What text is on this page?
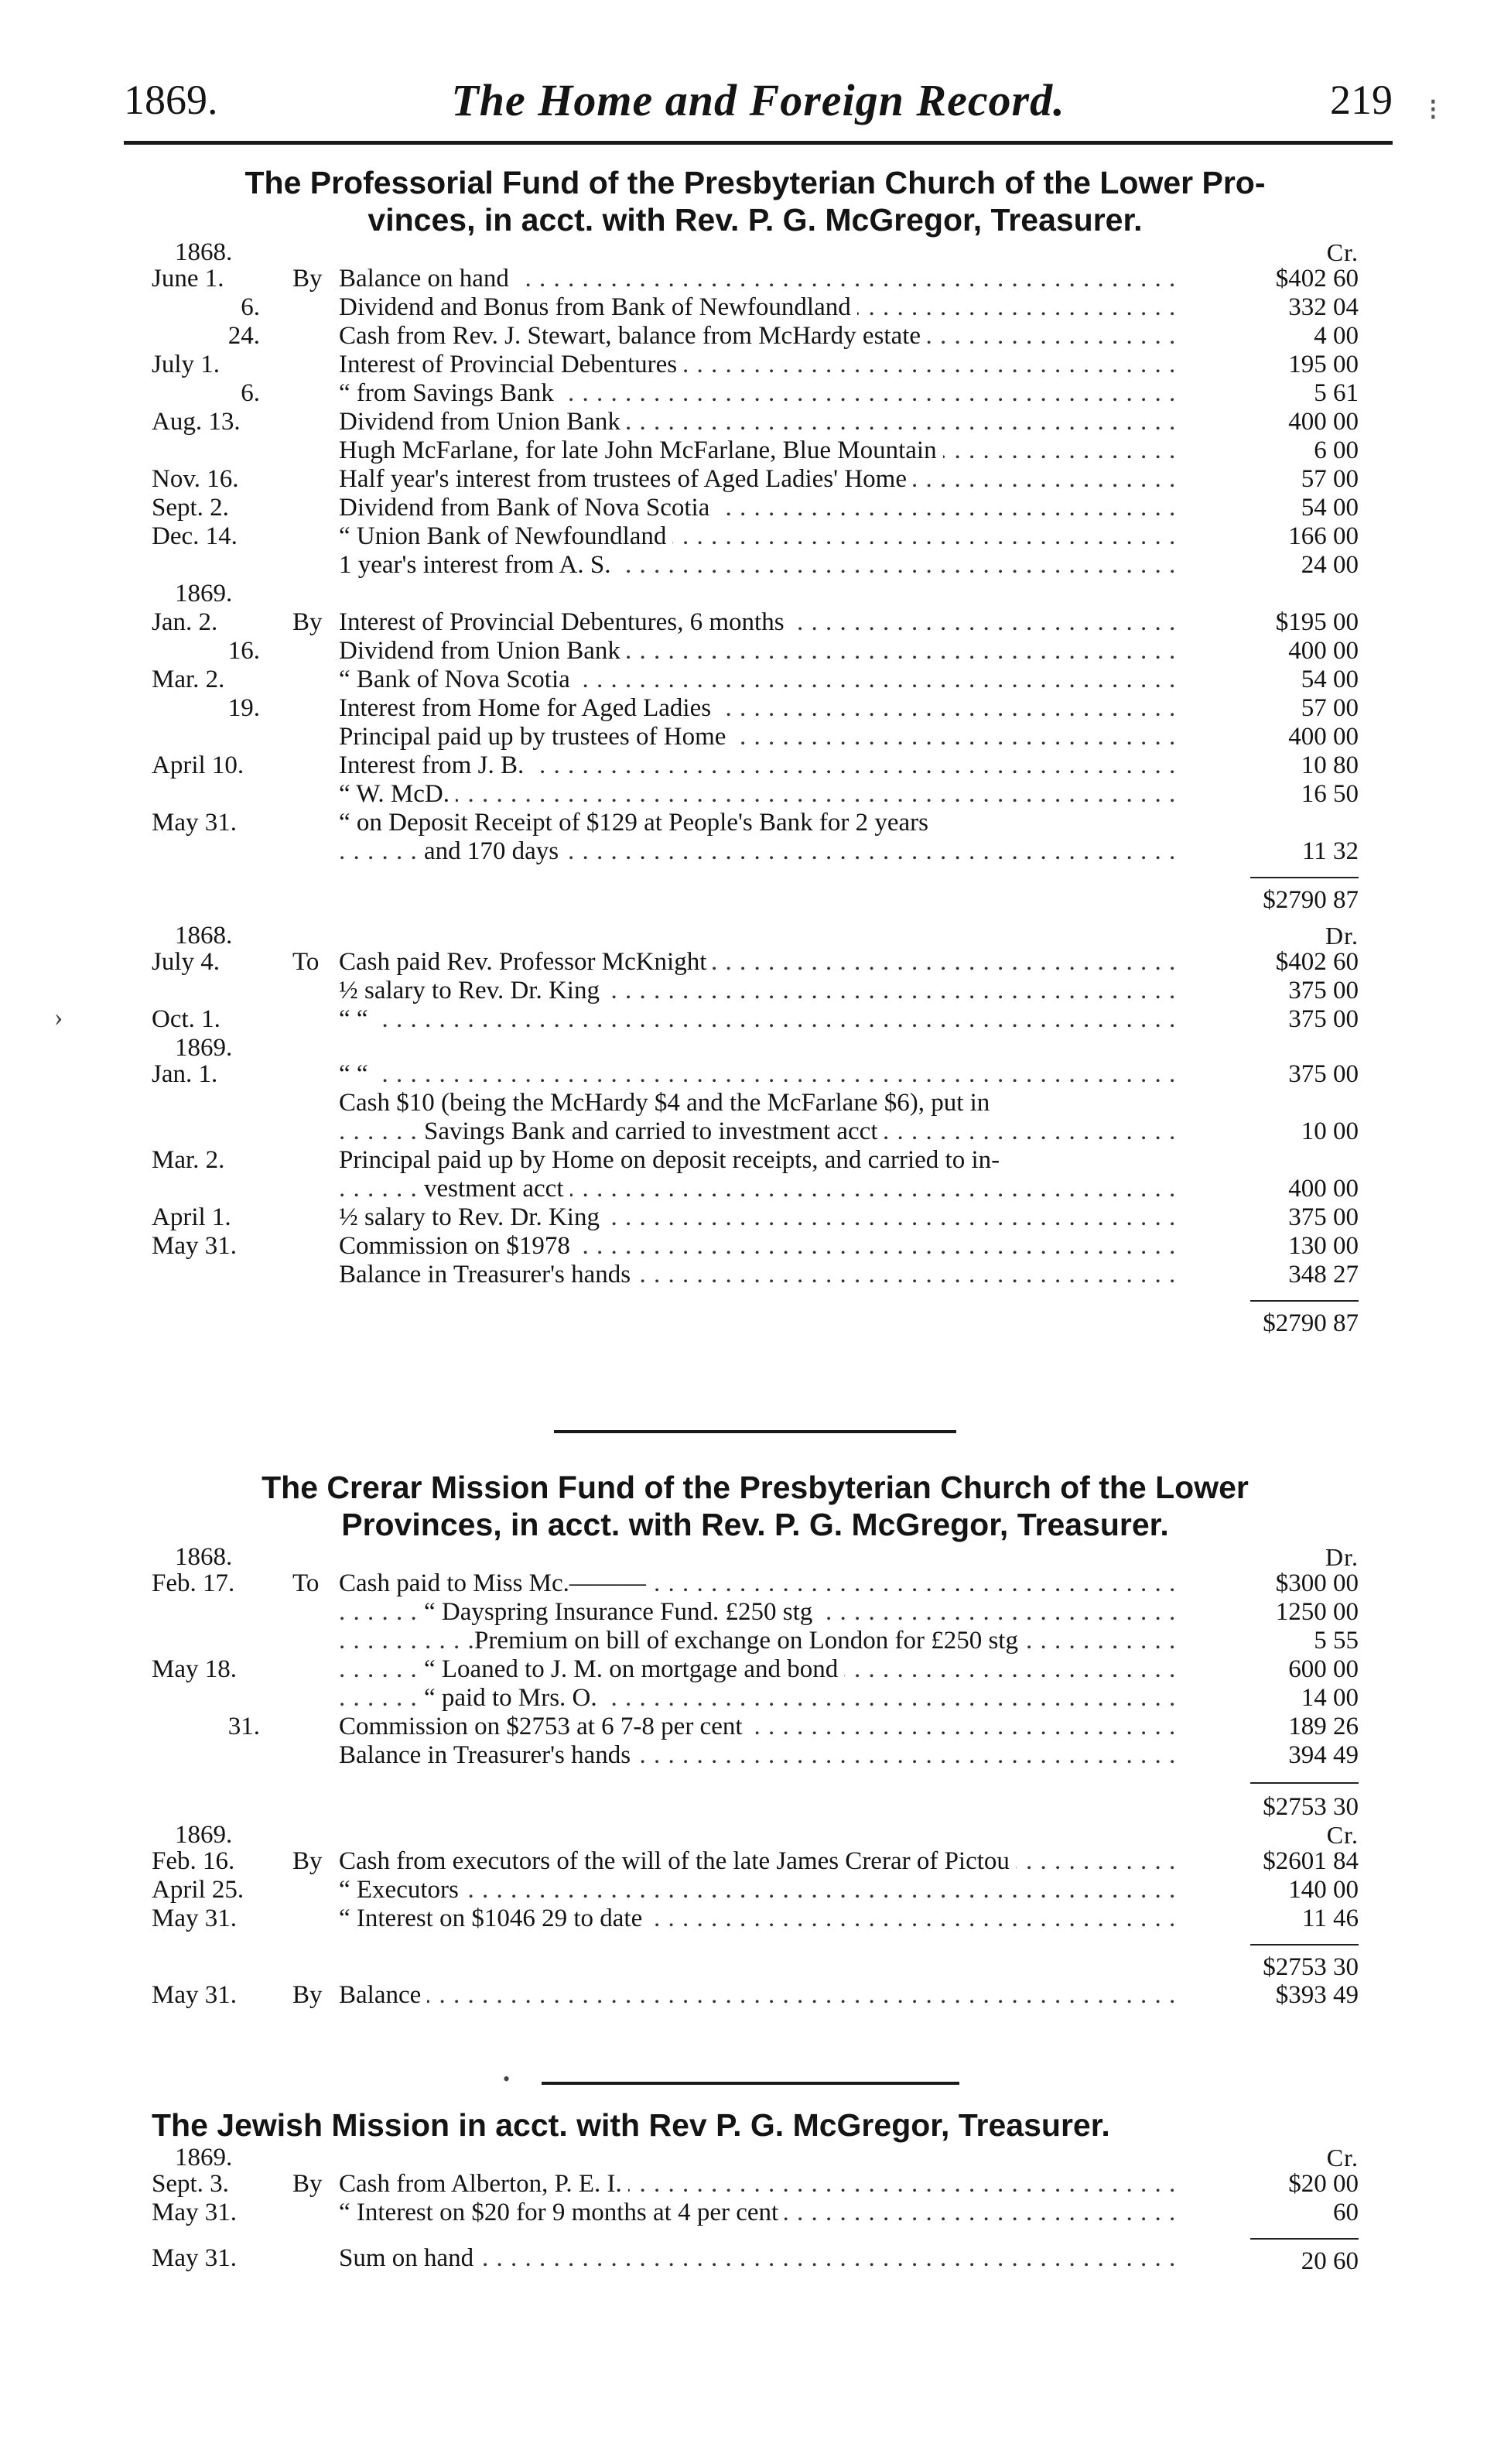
1869.	The Home and Foreign Record.	219 ⁝
The Professorial Fund of the Presbyterian Church of the Lower Pro-
vinces, in acct. with Rev. P. G. McGregor, Treasurer.
1868.	Cr.
June 1.	By Balance on hand . . .	$402 60
6.	Dividend and Bonus from Bank of Newfoundland . . .	332 04
24.	Cash from Rev. J. Stewart, balance from McHardy estate . . .	4 00
July 1.	Interest of Provincial Debentures . . .	195 00
6.	“ from Savings Bank . . .	5 61
Aug. 13.	Dividend from Union Bank . . .	400 00
Hugh McFarlane, for late John McFarlane, Blue Mountain . . .	6 00
Nov. 16.	Half year's interest from trustees of Aged Ladies' Home . . .	57 00
Sept. 2.	Dividend from Bank of Nova Scotia . . .	54 00
Dec. 14.	“ Union Bank of Newfoundland . . .	166 00
1 year's interest from A. S. . . .	24 00
1869.
Jan. 2.	By Interest of Provincial Debentures, 6 months . . .	$195 00
16.	Dividend from Union Bank . . .	400 00
Mar. 2.	“ Bank of Nova Scotia . . .	54 00
19.	Interest from Home for Aged Ladies . . .	57 00
Principal paid up by trustees of Home . . .	400 00
April 10.	Interest from J. B. . . .	10 80
“ W. McD. . . .	16 50
May 31.	“ on Deposit Receipt of $129 at People's Bank for 2 years
and 170 days . . .	11 32
$2790 87
1868.	Dr.
July 4.	To Cash paid Rev. Professor McKnight . . .	$402 60
½ salary to Rev. Dr. King . . .	375 00
Oct. 1.	“ “ . . .	375 00
1869.
Jan. 1.	“ “ . . .	375 00
Cash $10 (being the McHardy $4 and the McFarlane $6), put in
Savings Bank and carried to investment acct . . .	10 00
Mar. 2.	Principal paid up by Home on deposit receipts, and carried to in-
vestment acct . . .	400 00
April 1.	½ salary to Rev. Dr. King . . .	375 00
May 31.	Commission on $1978 . . .	130 00
Balance in Treasurer's hands . . .	348 27
$2790 87
›
The Crerar Mission Fund of the Presbyterian Church of the Lower
Provinces, in acct. with Rev. P. G. McGregor, Treasurer.
1868.	Dr.
Feb. 17.	To Cash paid to Miss Mc.——— . . .	$300 00
“ Dayspring Insurance Fund. £250 stg . . .	1250 00
Premium on bill of exchange on London for £250 stg . . .	5 55
May 18.	“ Loaned to J. M. on mortgage and bond . . .	600 00
“ paid to Mrs. O. . . .	14 00
31.	Commission on $2753 at 6 7-8 per cent . . .	189 26
Balance in Treasurer's hands . . .	394 49
$2753 30
1869.	Cr.
Feb. 16.	By Cash from executors of the will of the late James Crerar of Pictou . . .	$2601 84
April 25.	“ Executors . . .	140 00
May 31.	“ Interest on $1046 29 to date . . .	11 46
$2753 30
May 31.	By Balance . . .	$393 49
•
The Jewish Mission in acct. with Rev P. G. McGregor, Treasurer.
1869.	Cr.
Sept. 3.	By Cash from Alberton, P. E. I. . . .	$20 00
May 31.	“ Interest on $20 for 9 months at 4 per cent . . .	60
May 31.	Sum on hand . . .	20 60
